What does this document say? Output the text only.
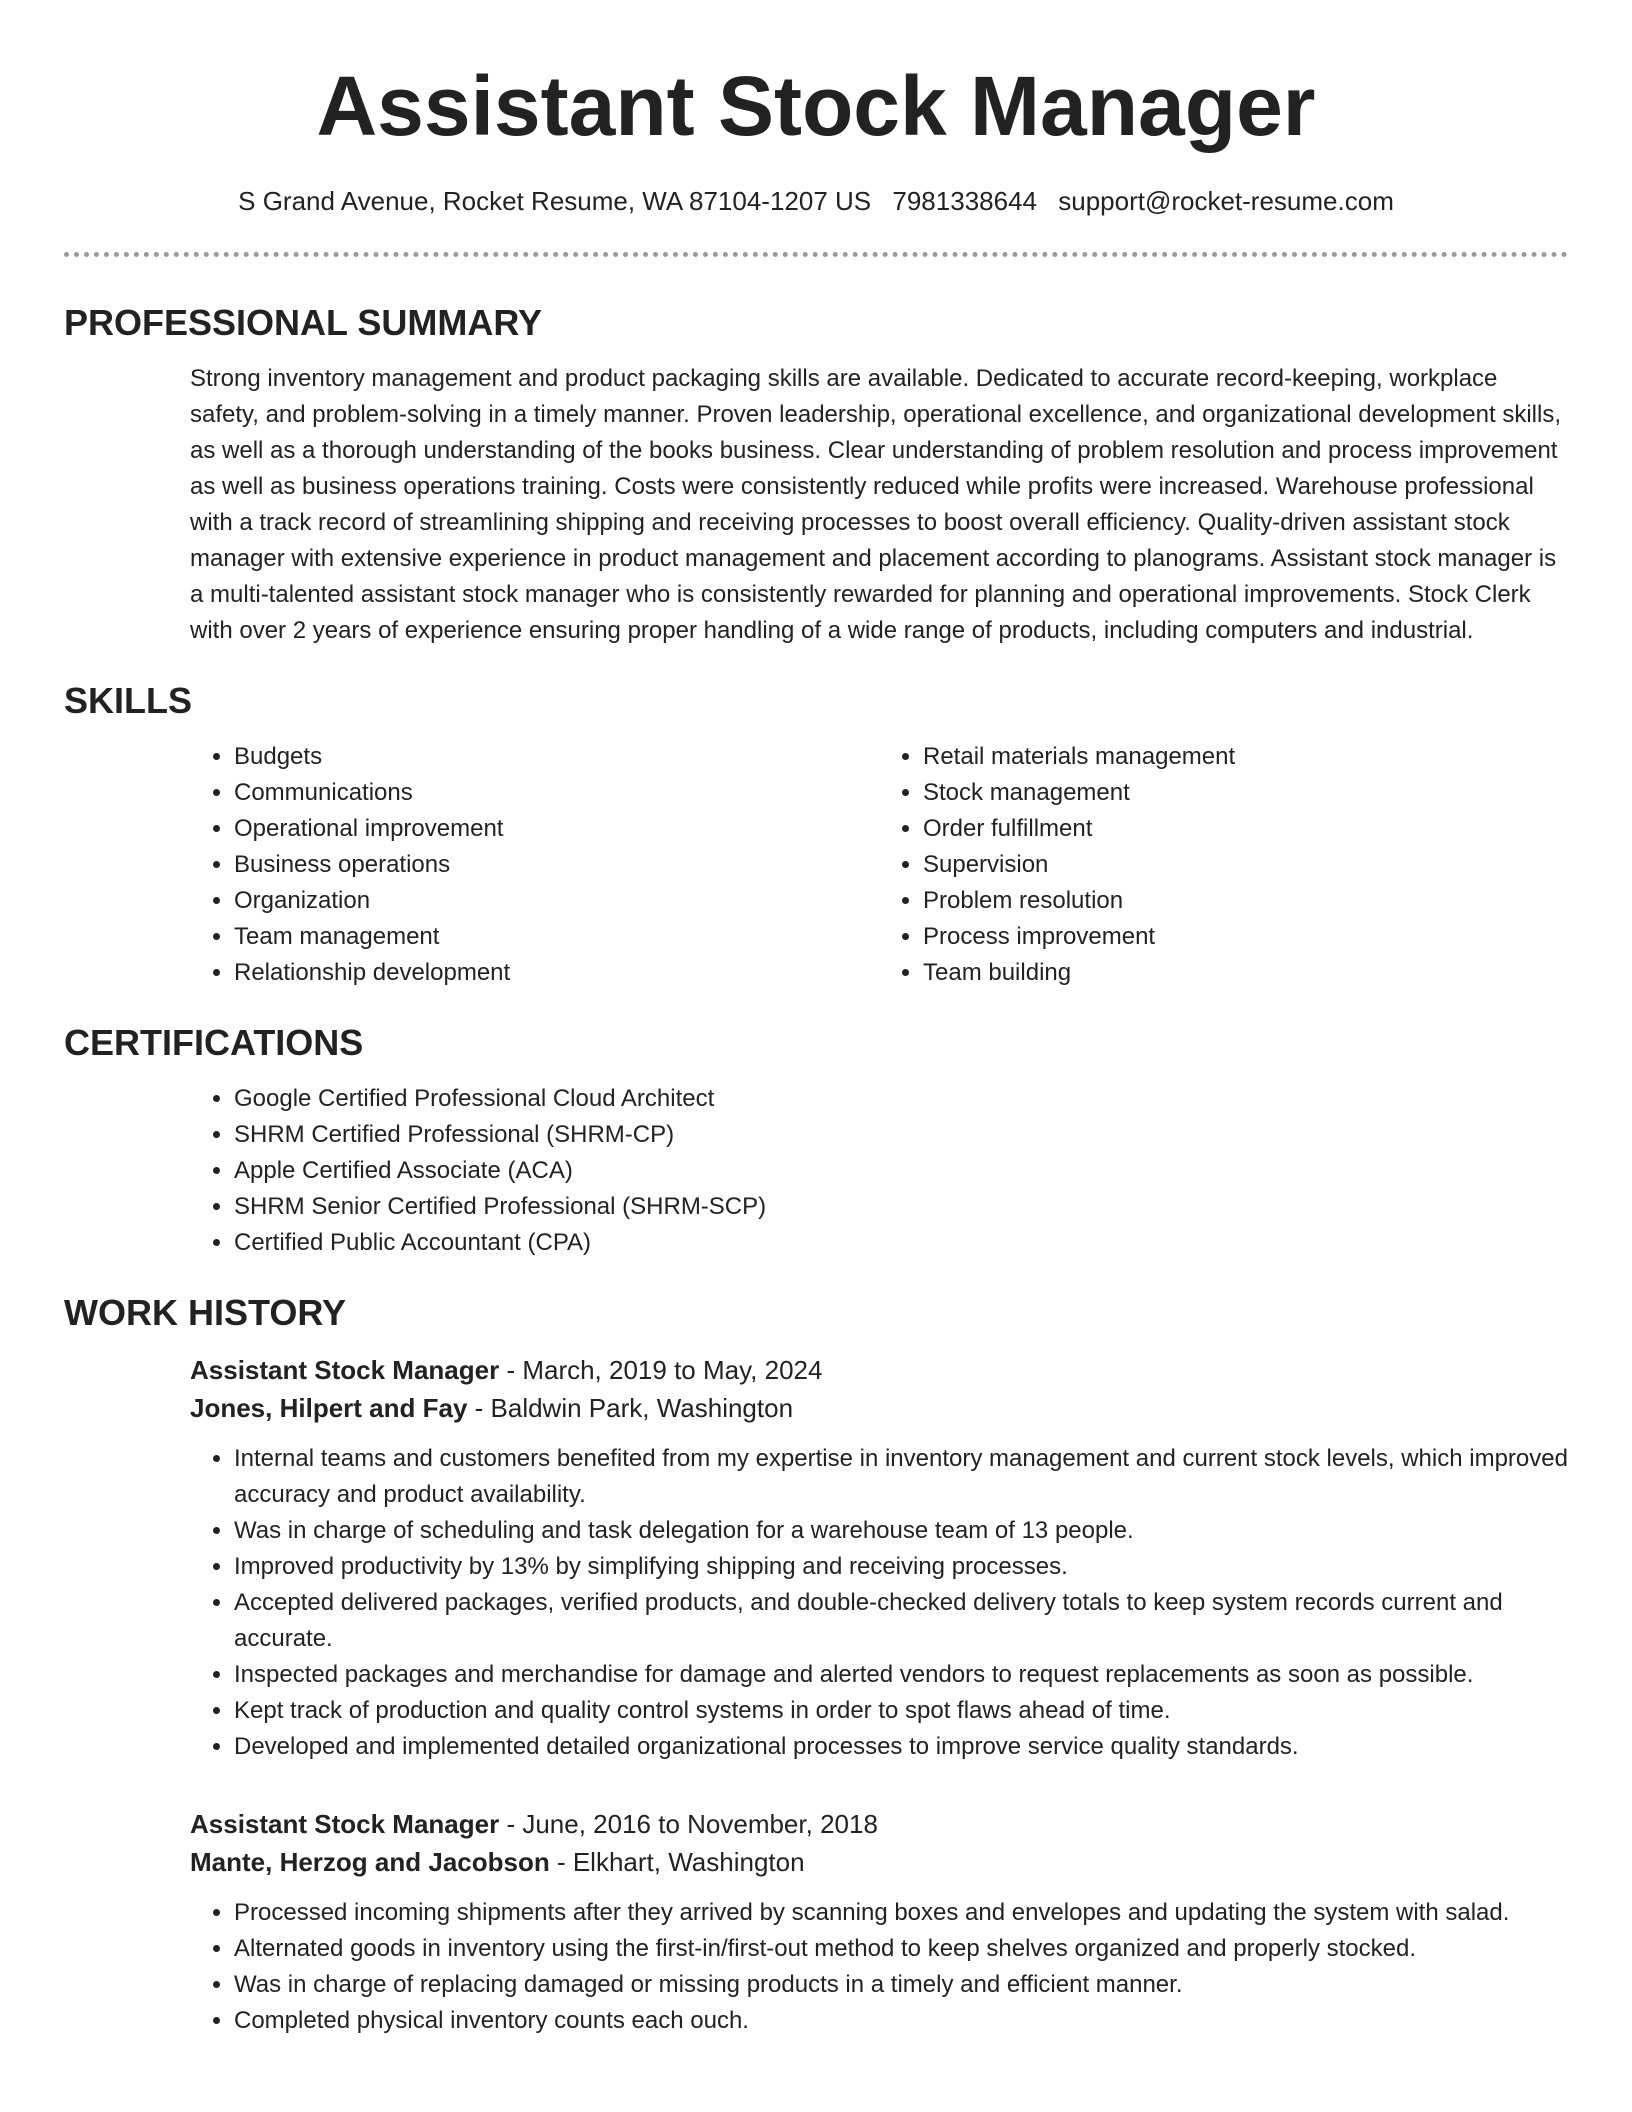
Assistant Stock Manager
S Grand Avenue, Rocket Resume, WA 87104-1207 US 7981338644 support@rocket-resume.com
PROFESSIONAL SUMMARY

Strong inventory management and product packaging skills are available. Dedicated to accurate record-keeping, workplace safety, and problem-solving in a timely manner. Proven leadership, operational excellence, and organizational development skills, as well as a thorough understanding of the books business. Clear understanding of problem resolution and process improvement as well as business operations training. Costs were consistently reduced while profits were increased. Warehouse professional with a track record of streamlining shipping and receiving processes to boost overall efficiency. Quality-driven assistant stock manager with extensive experience in product management and placement according to planograms. Assistant stock manager is a multi-talented assistant stock manager who is consistently rewarded for planning and operational improvements. Stock Clerk with over 2 years of experience ensuring proper handling of a wide range of products, including computers and industrial.

SKILLS
• Budgets
• Communications
• Operational improvement
• Business operations
• Organization
• Team management
• Relationship development
• Retail materials management
• Stock management
• Order fulfillment
• Supervision
• Problem resolution
• Process improvement
• Team building
CERTIFICATIONS
• Google Certified Professional Cloud Architect
• SHRM Certified Professional (SHRM-CP)
• Apple Certified Associate (ACA)
• SHRM Senior Certified Professional (SHRM-SCP)
• Certified Public Accountant (CPA)
WORK HISTORY
Assistant Stock Manager - March, 2019 to May, 2024
Jones, Hilpert and Fay - Baldwin Park, Washington
• Internal teams and customers benefited from my expertise in inventory management and current stock levels, which improved accuracy and product availability.
• Was in charge of scheduling and task delegation for a warehouse team of 13 people.
• Improved productivity by 13% by simplifying shipping and receiving processes.
• Accepted delivered packages, verified products, and double-checked delivery totals to keep system records current and accurate.
• Inspected packages and merchandise for damage and alerted vendors to request replacements as soon as possible.
• Kept track of production and quality control systems in order to spot flaws ahead of time.
• Developed and implemented detailed organizational processes to improve service quality standards.
Assistant Stock Manager - June, 2016 to November, 2018
Mante, Herzog and Jacobson - Elkhart, Washington
• Processed incoming shipments after they arrived by scanning boxes and envelopes and updating the system with salad.
• Alternated goods in inventory using the first-in/first-out method to keep shelves organized and properly stocked.
• Was in charge of replacing damaged or missing products in a timely and efficient manner.
• Completed physical inventory counts each ouch.
